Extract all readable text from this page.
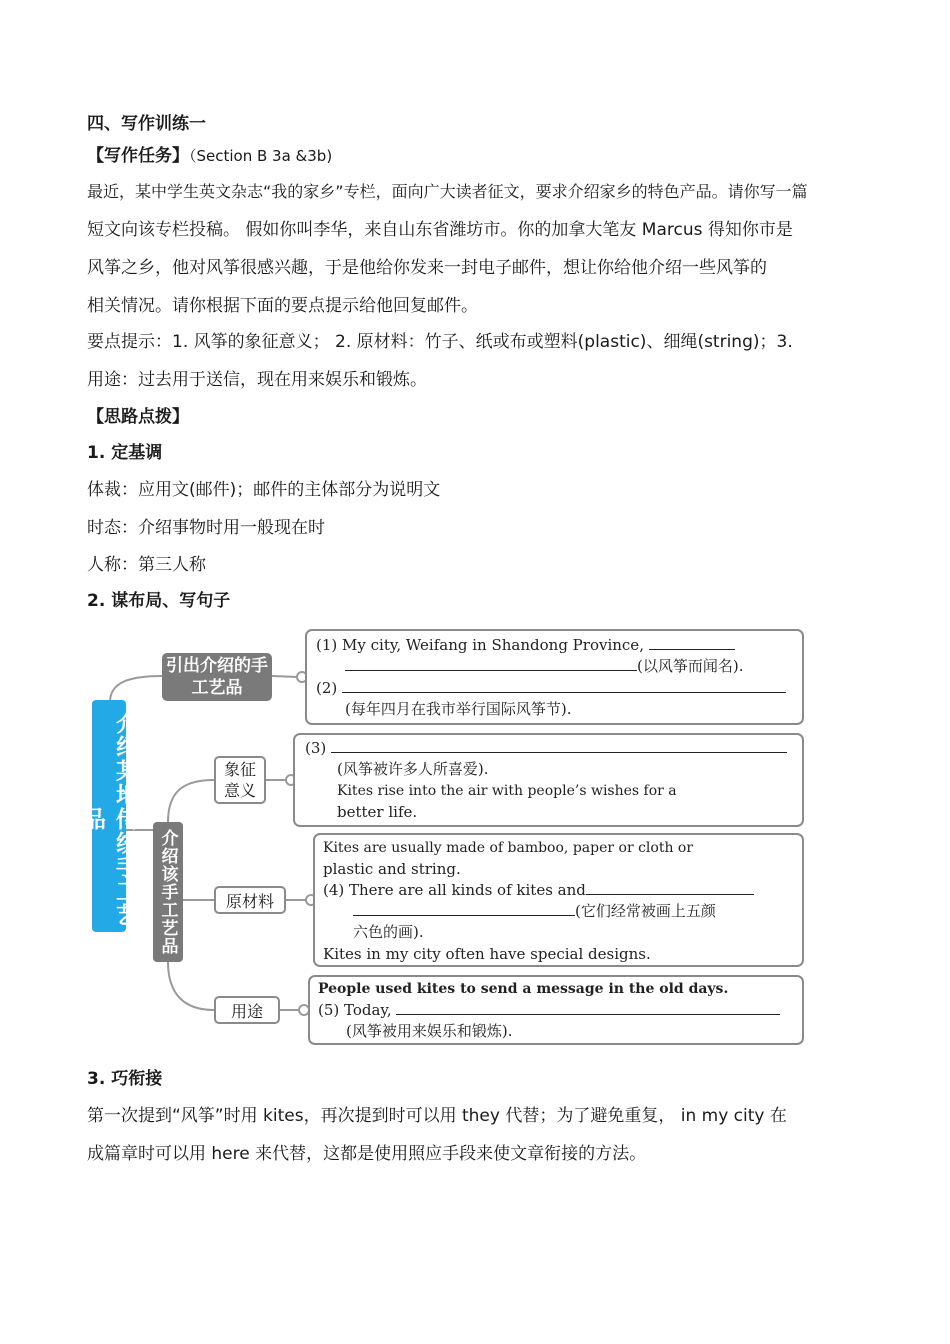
四、写作训练一
【写作任务】（Section B 3a &3b)
最近，某中学生英文杂志“我的家乡”专栏，面向广大读者征文，要求介绍家乡的特色产品。请你写一篇
短文向该专栏投稿。 假如你叫李华，来自山东省潍坊市。你的加拿大笔友 Marcus 得知你市是
风筝之乡，他对风筝很感兴趣，于是他给你发来一封电子邮件，想让你给他介绍一些风筝的
相关情况。请你根据下面的要点提示给他回复邮件。
要点提示：1. 风筝的象征意义； 2. 原材料：竹子、纸或布或塑料(plastic)、细绳(string)；3.
用途：过去用于送信，现在用来娱乐和锻炼。
【思路点拨】
1. 定基调
体裁：应用文(邮件)；邮件的主体部分为说明文
时态：介绍事物时用一般现在时
人称：第三人称
2. 谋布局、写句子
介绍某地传统手工艺品
引出介绍的手工艺品
介绍该手工艺品
象征意义
原材料
用途
(1) My city, Weifang in Shandong Province,
(以风筝而闻名).
(2)
(每年四月在我市举行国际风筝节).
(3)
(风筝被许多人所喜爱).
Kites rise into the air with people’s wishes for a
better life.
Kites are usually made of bamboo, paper or cloth or
plastic and string.
(4) There are all kinds of kites and
(它们经常被画上五颜
六色的画).
Kites in my city often have special designs.
People used kites to send a message in the old days.
(5) Today,
(风筝被用来娱乐和锻炼).
3. 巧衔接
第一次提到“风筝”时用 kites，再次提到时可以用 they 代替；为了避免重复， in my city 在
成篇章时可以用 here 来代替，这都是使用照应手段来使文章衔接的方法。
